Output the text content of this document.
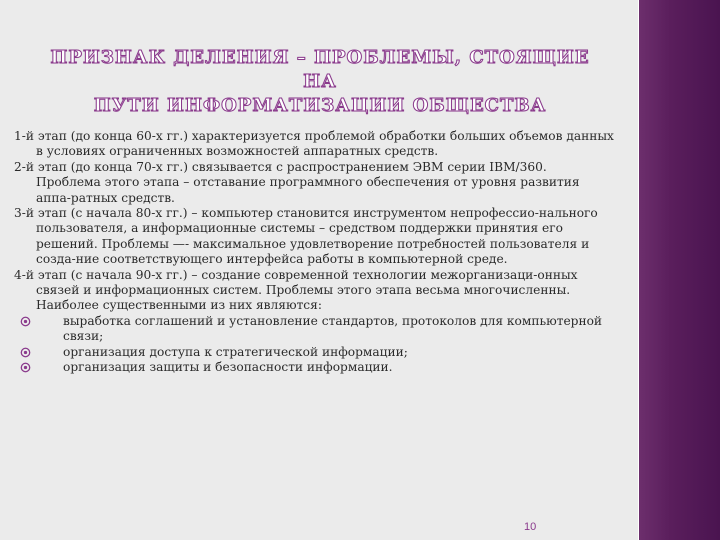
ПРИЗНАК ДЕЛЕНИЯ – ПРОБЛЕМЫ, СТОЯЩИЕ НА
ПУТИ ИНФОРМАТИЗАЦИИ ОБЩЕСТВА

1-й этап (до конца 60-х гг.) характеризуется проблемой обработки больших объемов данных в условиях ограниченных возможностей аппаратных средств.

2-й этап (до конца 70-х гг.) связывается с распространением ЭВМ серии IBM/360. Проблема этого этапа – отставание программного обеспечения от уровня развития аппа-ратных средств.

3-й этап (с начала 80-х гг.) – компьютер становится инструментом непрофессио-нального пользователя, а информационные системы – средством поддержки принятия его решений. Проблемы —- максимальное удовлетворение потребностей пользователя и созда-ние соответствующего интерфейса работы в компьютерной среде.

4-й этап (с начала 90-х гг.) – создание современной технологии межорганизаци-онных связей и информационных систем. Проблемы этого этапа весьма многочисленны. Наиболее существенными из них являются:

выработка соглашений и установление стандартов, протоколов для компьютерной связи;
организация доступа к стратегической информации;
организация защиты и безопасности информации.
10
